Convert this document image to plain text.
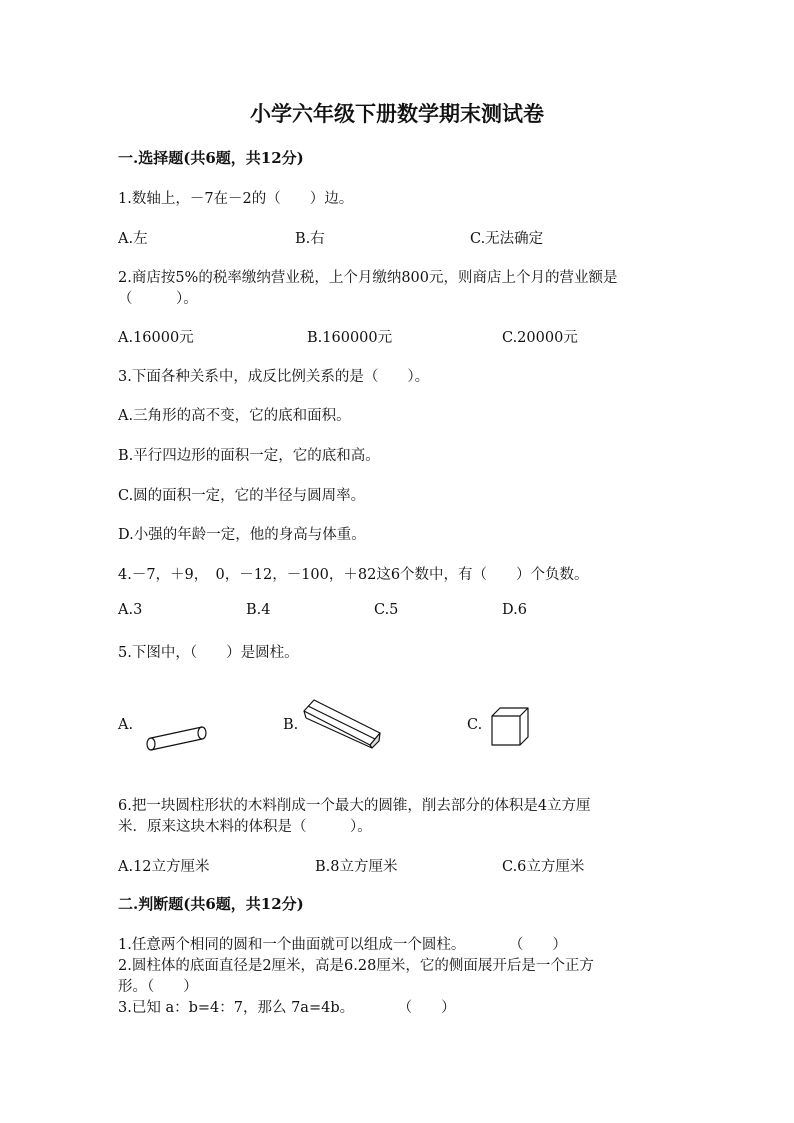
小学六年级下册数学期末测试卷
一.选择题(共6题，共12分)
1.数轴上，－7在－2的（　　）边。
A.左	B.右	C.无法确定
2.商店按5%的税率缴纳营业税，上个月缴纳800元，则商店上个月的营业额是
（　　　）。
A.16000元	B.160000元	C.20000元
3.下面各种关系中，成反比例关系的是（　　）。
A.三角形的高不变，它的底和面积。
B.平行四边形的面积一定，它的底和高。
C.圆的面积一定，它的半径与圆周率。
D.小强的年龄一定，他的身高与体重。
4.－7，＋9，　0，－12，－100，＋82这6个数中，有（　　）个负数。
A.3	B.4	C.5	D.6
5.下图中，（　　）是圆柱。
A.	B.	C.
6.把一块圆柱形状的木料削成一个最大的圆锥，削去部分的体积是4立方厘
米．原来这块木料的体积是（　　　）。
A.12立方厘米	B.8立方厘米	C.6立方厘米
二.判断题(共6题，共12分)
1.任意两个相同的圆和一个曲面就可以组成一个圆柱。　　　　（　　）
2.圆柱体的底面直径是2厘米，高是6.28厘米，它的侧面展开后是一个正方
形。（　　）
3.已知 a：b=4：7，那么 7a=4b。　　　　（　　）
